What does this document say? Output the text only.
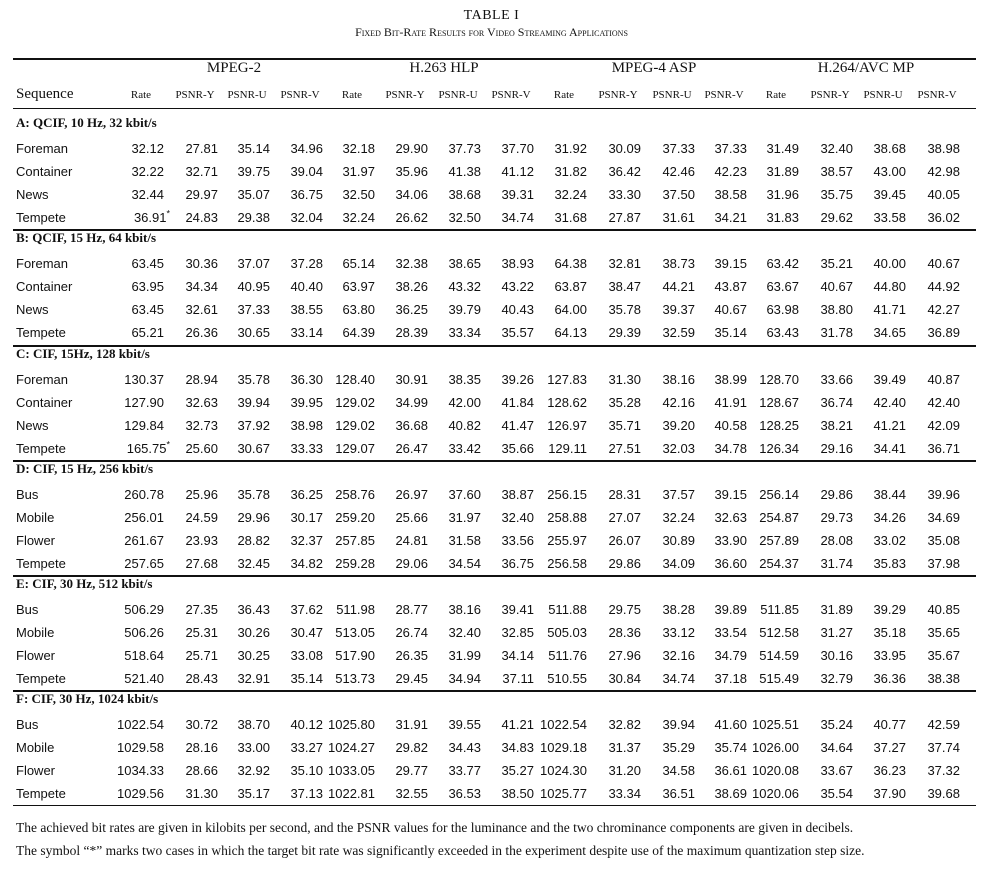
TABLE I
Fixed Bit-Rate Results for Video Streaming Applications
MPEG-2	H.263 HLP	MPEG-4 ASP	H.264/AVC MP
Sequence	Rate	PSNR-Y	PSNR-U	PSNR-V	Rate	PSNR-Y	PSNR-U	PSNR-V	Rate	PSNR-Y	PSNR-U	PSNR-V	Rate	PSNR-Y	PSNR-U	PSNR-V
A: QCIF, 10 Hz, 32 kbit/s
Foreman	32.12	27.81	35.14	34.96	32.18	29.90	37.73	37.70	31.92	30.09	37.33	37.33	31.49	32.40	38.68	38.98
Container	32.22	32.71	39.75	39.04	31.97	35.96	41.38	41.12	31.82	36.42	42.46	42.23	31.89	38.57	43.00	42.98
News	32.44	29.97	35.07	36.75	32.50	34.06	38.68	39.31	32.24	33.30	37.50	38.58	31.96	35.75	39.45	40.05
Tempete	36.91*	24.83	29.38	32.04	32.24	26.62	32.50	34.74	31.68	27.87	31.61	34.21	31.83	29.62	33.58	36.02
B: QCIF, 15 Hz, 64 kbit/s
Foreman	63.45	30.36	37.07	37.28	65.14	32.38	38.65	38.93	64.38	32.81	38.73	39.15	63.42	35.21	40.00	40.67
Container	63.95	34.34	40.95	40.40	63.97	38.26	43.32	43.22	63.87	38.47	44.21	43.87	63.67	40.67	44.80	44.92
News	63.45	32.61	37.33	38.55	63.80	36.25	39.79	40.43	64.00	35.78	39.37	40.67	63.98	38.80	41.71	42.27
Tempete	65.21	26.36	30.65	33.14	64.39	28.39	33.34	35.57	64.13	29.39	32.59	35.14	63.43	31.78	34.65	36.89
C: CIF, 15Hz, 128 kbit/s
Foreman	130.37	28.94	35.78	36.30 128.40	30.91	38.35	39.26	127.83	31.30	38.16	38.99 128.70	33.66	39.49	40.87
Container	127.90	32.63	39.94	39.95 129.02	34.99	42.00	41.84	128.62	35.28	42.16	41.91 128.67	36.74	42.40	42.40
News	129.84	32.73	37.92	38.98 129.02	36.68	40.82	41.47	126.97	35.71	39.20	40.58 128.25	38.21	41.21	42.09
Tempete	165.75*	25.60	30.67	33.33 129.07	26.47	33.42	35.66	129.11	27.51	32.03	34.78 126.34	29.16	34.41	36.71
D: CIF, 15 Hz, 256 kbit/s
Bus	260.78	25.96	35.78	36.25 258.76	26.97	37.60	38.87	256.15	28.31	37.57	39.15 256.14	29.86	38.44	39.96
Mobile	256.01	24.59	29.96	30.17 259.20	25.66	31.97	32.40	258.88	27.07	32.24	32.63 254.87	29.73	34.26	34.69
Flower	261.67	23.93	28.82	32.37 257.85	24.81	31.58	33.56	255.97	26.07	30.89	33.90 257.89	28.08	33.02	35.08
Tempete	257.65	27.68	32.45	34.82 259.28	29.06	34.54	36.75	256.58	29.86	34.09	36.60 254.37	31.74	35.83	37.98
E: CIF, 30 Hz, 512 kbit/s
Bus	506.29	27.35	36.43	37.62	511.98	28.77	38.16	39.41	511.88	29.75	38.28	39.89	511.85	31.89	39.29	40.85
Mobile	506.26	25.31	30.26	30.47 513.05	26.74	32.40	32.85	505.03	28.36	33.12	33.54 512.58	31.27	35.18	35.65
Flower	518.64	25.71	30.25	33.08 517.90	26.35	31.99	34.14	511.76	27.96	32.16	34.79 514.59	30.16	33.95	35.67
Tempete	521.40	28.43	32.91	35.14 513.73	29.45	34.94	37.11	510.55	30.84	34.74	37.18 515.49	32.79	36.36	38.38
F: CIF, 30 Hz, 1024 kbit/s
Bus	1022.54	30.72	38.70	40.12 1025.80	31.91	39.55	41.21 1022.54	32.82	39.94	41.60 1025.51	35.24	40.77	42.59
Mobile	1029.58	28.16	33.00	33.27 1024.27	29.82	34.43	34.83 1029.18	31.37	35.29	35.74 1026.00	34.64	37.27	37.74
Flower	1034.33	28.66	32.92	35.10 1033.05	29.77	33.77	35.27 1024.30	31.20	34.58	36.61 1020.08	33.67	36.23	37.32
Tempete	1029.56	31.30	35.17	37.13 1022.81	32.55	36.53	38.50 1025.77	33.34	36.51	38.69 1020.06	35.54	37.90	39.68
The achieved bit rates are given in kilobits per second, and the PSNR values for the luminance and the two chrominance components are given in decibels.
The symbol “*” marks two cases in which the target bit rate was significantly exceeded in the experiment despite use of the maximum quantization step size.
